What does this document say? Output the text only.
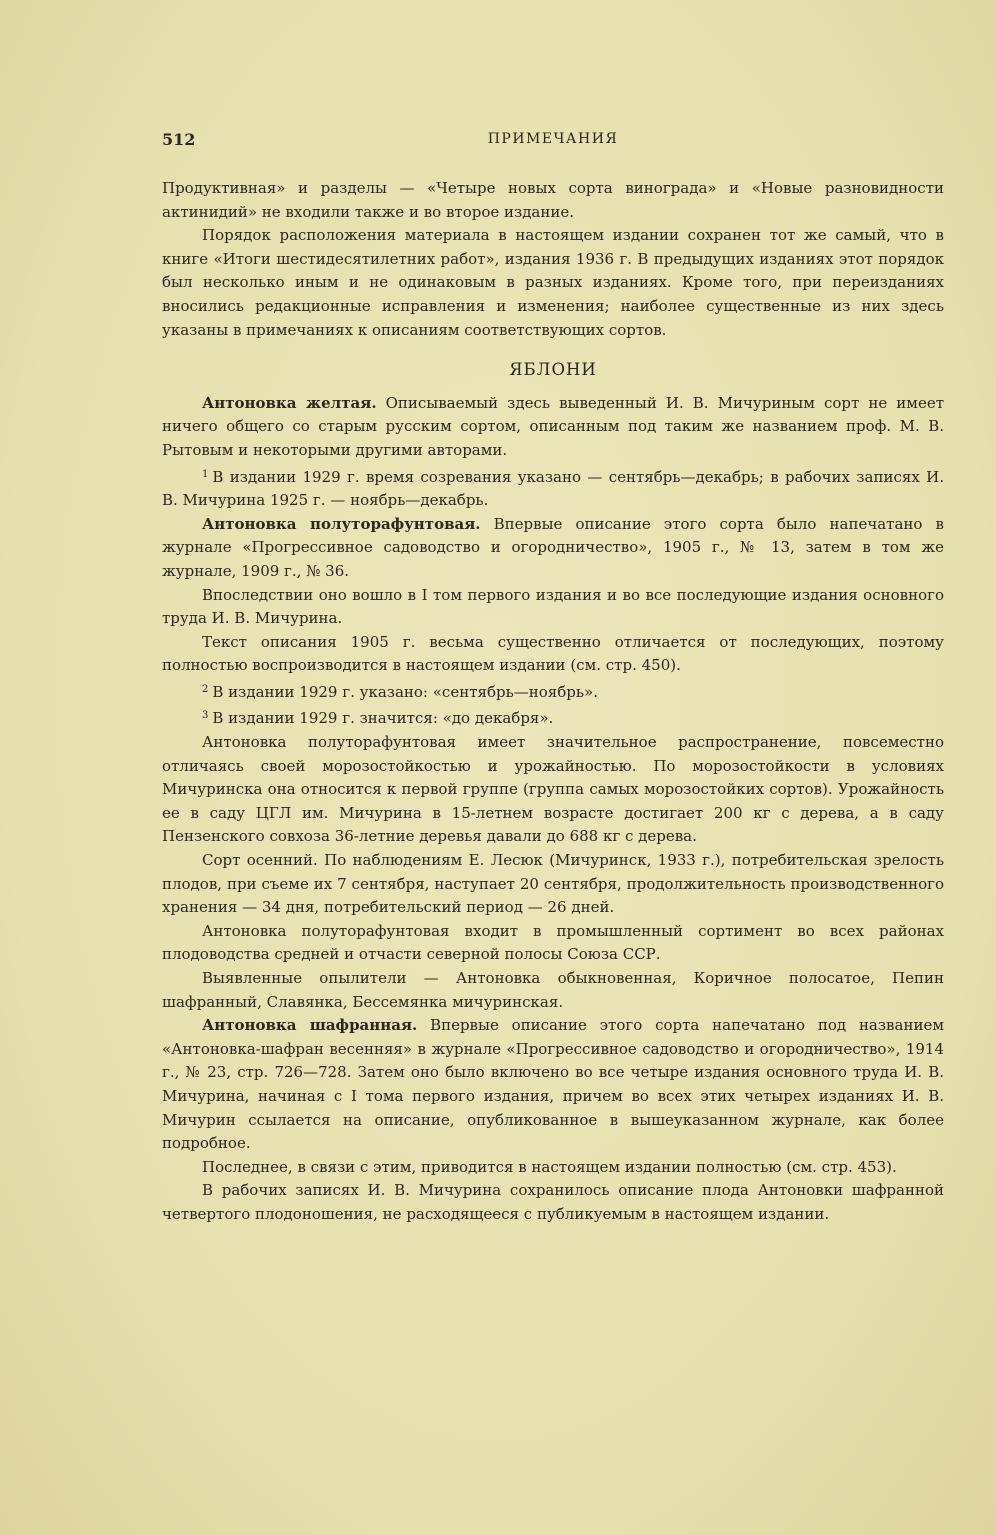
512	ПРИМЕЧАНИЯ

Продуктивная» и разделы — «Четыре новых сорта винограда» и «Новые разновидности актинидий» не входили также и во второе издание.

Порядок расположения материала в настоящем издании сохранен тот же самый, что в книге «Итоги шестидесятилетних работ», издания 1936 г. В предыдущих изданиях этот порядок был несколько иным и не одинаковым в разных изданиях. Кроме того, при переизданиях вносились редакционные исправления и изменения; наиболее существенные из них здесь указаны в примечаниях к описаниям соответствующих сортов.

ЯБЛОНИ

Антоновка желтая. Описываемый здесь выведенный И. В. Мичуриным сорт не имеет ничего общего со старым русским сортом, описанным под таким же названием проф. М. В. Рытовым и некоторыми другими авторами.

$^1$ В издании 1929 г. время созревания указано — сентябрь—декабрь; в рабочих записях И. В. Мичурина 1925 г. — ноябрь—декабрь.

Антоновка полуторафунтовая. Впервые описание этого сорта было напечатано в журнале «Прогрессивное садоводство и огородничество», 1905 г., № 13, затем в том же журнале, 1909 г., № 36.

Впоследствии оно вошло в I том первого издания и во все последующие издания основного труда И. В. Мичурина.

Текст описания 1905 г. весьма существенно отличается от последующих, поэтому полностью воспроизводится в настоящем издании (см. стр. 450).

$^2$ В издании 1929 г. указано: «сентябрь—ноябрь».

$^3$ В издании 1929 г. значится: «до декабря».

Антоновка полуторафунтовая имеет значительное распространение, повсеместно отличаясь своей морозостойкостью и урожайностью. По морозостойкости в условиях Мичуринска она относится к первой группе (группа самых морозостойких сортов). Урожайность ее в саду ЦГЛ им. Мичурина в 15-летнем возрасте достигает 200 кг с дерева, а в саду Пензенского совхоза 36-летние деревья давали до 688 кг с дерева.

Сорт осенний. По наблюдениям Е. Лесюк (Мичуринск, 1933 г.), потребительская зрелость плодов, при съеме их 7 сентября, наступает 20 сентября, продолжительность производственного хранения — 34 дня, потребительский период — 26 дней.

Антоновка полуторафунтовая входит в промышленный сортимент во всех районах плодоводства средней и отчасти северной полосы Союза ССР.

Выявленные опылители — Антоновка обыкновенная, Коричное полосатое, Пепин шафранный, Славянка, Бессемянка мичуринская.

Антоновка шафранная. Впервые описание этого сорта напечатано под названием «Антоновка-шафран весенняя» в журнале «Прогрессивное садоводство и огородничество», 1914 г., № 23, стр. 726—728. Затем оно было включено во все четыре издания основного труда И. В. Мичурина, начиная с I тома первого издания, причем во всех этих четырех изданиях И. В. Мичурин ссылается на описание, опубликованное в вышеуказанном журнале, как более подробное.

Последнее, в связи с этим, приводится в настоящем издании полностью (см. стр. 453).

В рабочих записях И. В. Мичурина сохранилось описание плода Антоновки шафранной четвертого плодоношения, не расходящееся с публикуемым в настоящем издании.
